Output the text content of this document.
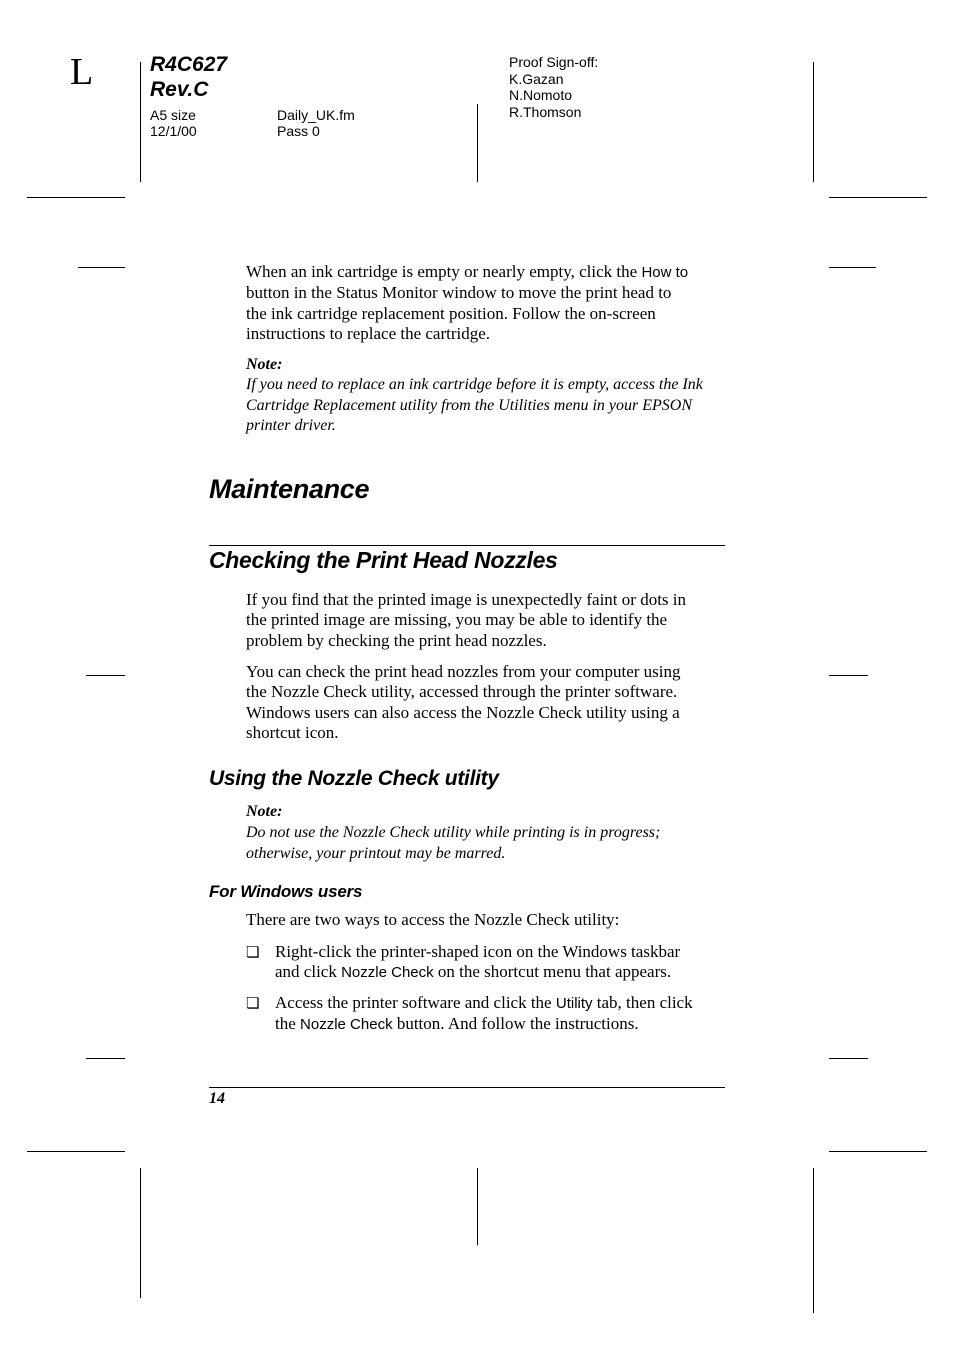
L	R4C627
Rev.C
A5 size
12/1/00
Daily_UK.fm
Pass 0
Proof Sign-off:
K.Gazan
N.Nomoto
R.Thomson
When an ink cartridge is empty or nearly empty, click the How to
button in the Status Monitor window to move the print head to
the ink cartridge replacement position. Follow the on-screen
instructions to replace the cartridge.
Note:
If you need to replace an ink cartridge before it is empty, access the Ink
Cartridge Replacement utility from the Utilities menu in your EPSON
printer driver.
Maintenance
Checking the Print Head Nozzles
If you find that the printed image is unexpectedly faint or dots in
the printed image are missing, you may be able to identify the
problem by checking the print head nozzles.
You can check the print head nozzles from your computer using
the Nozzle Check utility, accessed through the printer software.
Windows users can also access the Nozzle Check utility using a
shortcut icon.
Using the Nozzle Check utility
Note:
Do not use the Nozzle Check utility while printing is in progress;
otherwise, your printout may be marred.
For Windows users
There are two ways to access the Nozzle Check utility:
❏ Right-click the printer-shaped icon on the Windows taskbar
and click Nozzle Check on the shortcut menu that appears.
❏ Access the printer software and click the Utility tab, then click
the Nozzle Check button. And follow the instructions.
14
